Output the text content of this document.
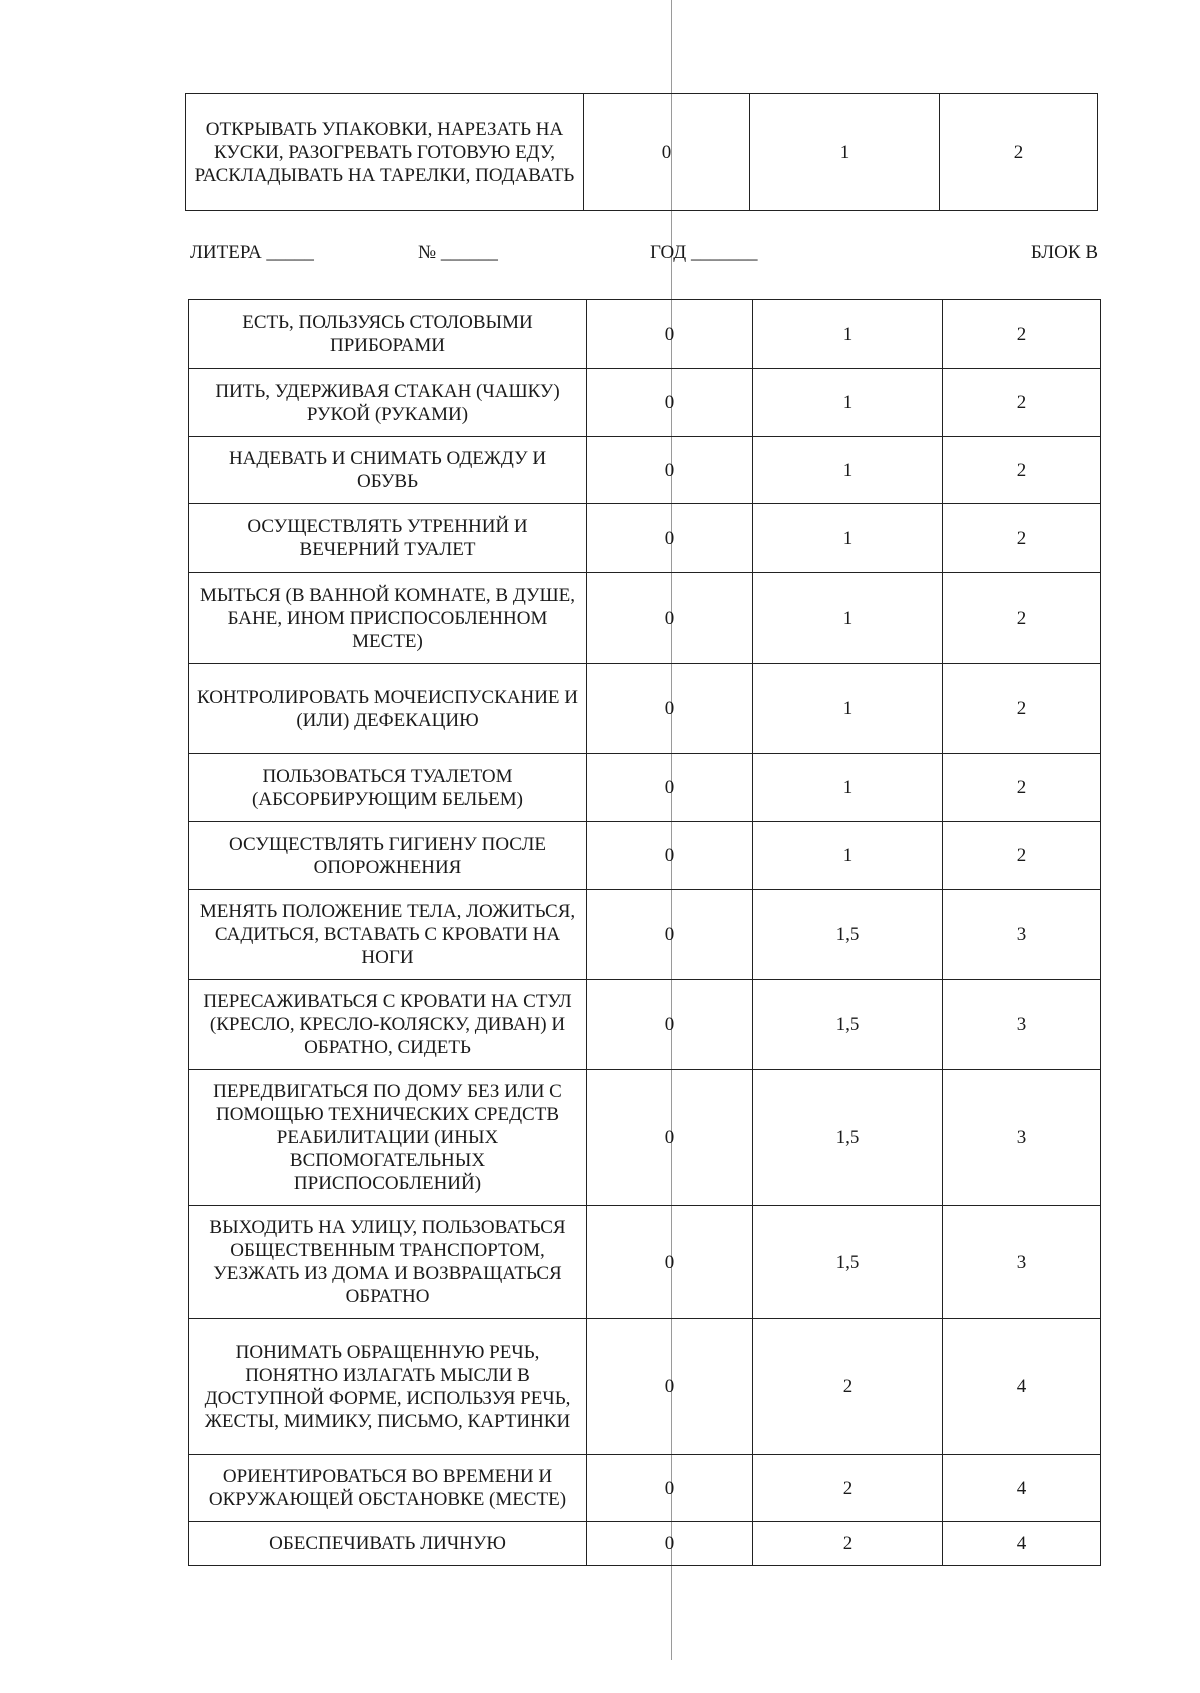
ОТКРЫВАТЬ УПАКОВКИ, НАРЕЗАТЬ НА КУСКИ, РАЗОГРЕВАТЬ ГОТОВУЮ ЕДУ, РАСКЛАДЫВАТЬ НА ТАРЕЛКИ, ПОДАВАТЬ	0	1	2
ЛИТЕРА _____	№ ______	ГОД _______	БЛОК В
ЕСТЬ, ПОЛЬЗУЯСЬ СТОЛОВЫМИ ПРИБОРАМИ	0	1	2
ПИТЬ, УДЕРЖИВАЯ СТАКАН (ЧАШКУ) РУКОЙ (РУКАМИ)	0	1	2
НАДЕВАТЬ И СНИМАТЬ ОДЕЖДУ И ОБУВЬ	0	1	2
ОСУЩЕСТВЛЯТЬ УТРЕННИЙ И ВЕЧЕРНИЙ ТУАЛЕТ	0	1	2
МЫТЬСЯ (В ВАННОЙ КОМНАТЕ, В ДУШЕ, БАНЕ, ИНОМ ПРИСПОСОБЛЕННОМ МЕСТЕ)	0	1	2
КОНТРОЛИРОВАТЬ МОЧЕИСПУСКАНИЕ И (ИЛИ) ДЕФЕКАЦИЮ	0	1	2
ПОЛЬЗОВАТЬСЯ ТУАЛЕТОМ (АБСОРБИРУЮЩИМ БЕЛЬЕМ)	0	1	2
ОСУЩЕСТВЛЯТЬ ГИГИЕНУ ПОСЛЕ ОПОРОЖНЕНИЯ	0	1	2
МЕНЯТЬ ПОЛОЖЕНИЕ ТЕЛА, ЛОЖИТЬСЯ, САДИТЬСЯ, ВСТАВАТЬ С КРОВАТИ НА НОГИ	0	1,5	3
ПЕРЕСАЖИВАТЬСЯ С КРОВАТИ НА СТУЛ (КРЕСЛО, КРЕСЛО-КОЛЯСКУ, ДИВАН) И ОБРАТНО, СИДЕТЬ	0	1,5	3
ПЕРЕДВИГАТЬСЯ ПО ДОМУ БЕЗ ИЛИ С ПОМОЩЬЮ ТЕХНИЧЕСКИХ СРЕДСТВ РЕАБИЛИТАЦИИ (ИНЫХ ВСПОМОГАТЕЛЬНЫХ ПРИСПОСОБЛЕНИЙ)	0	1,5	3
ВЫХОДИТЬ НА УЛИЦУ, ПОЛЬЗОВАТЬСЯ ОБЩЕСТВЕННЫМ ТРАНСПОРТОМ, УЕЗЖАТЬ ИЗ ДОМА И ВОЗВРАЩАТЬСЯ ОБРАТНО	0	1,5	3
ПОНИМАТЬ ОБРАЩЕННУЮ РЕЧЬ, ПОНЯТНО ИЗЛАГАТЬ МЫСЛИ В ДОСТУПНОЙ ФОРМЕ, ИСПОЛЬЗУЯ РЕЧЬ, ЖЕСТЫ, МИМИКУ, ПИСЬМО, КАРТИНКИ	0	2	4
ОРИЕНТИРОВАТЬСЯ ВО ВРЕМЕНИ И ОКРУЖАЮЩЕЙ ОБСТАНОВКЕ (МЕСТЕ)	0	2	4
ОБЕСПЕЧИВАТЬ ЛИЧНУЮ	0	2	4
